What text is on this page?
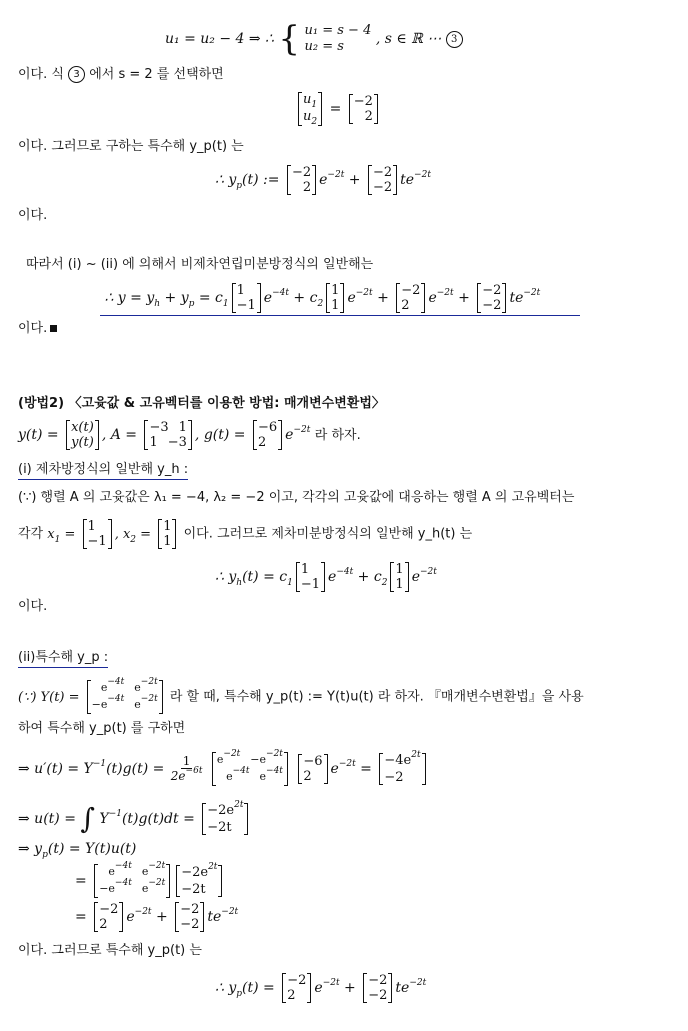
u₁ = u₂ − 4 ⇒ ∴ { u₁ = s − 4
u₂ = s	, s ∈ ℝ ⋯ 3
이다. 식 3 에서 s = 2 를 선택하면
$u_1$
$u_2$
= −2
2
이다. 그러므로 구하는 특수해 y_p(t) 는
∴ $y_p(t)$ := −2
2 $e^{-2t} + -2$
−2 $te^{-2t}$
이다.
따라서 (i) ~ (ii) 에 의해서 비제차연립미분방정식의 일반해는
∴ $y = y_h + y_p = c_1$
1
−1 $e^{-4t} + c_2$
1
1 $e^{-2t} + -2$
2	$e^{-2t} + -2$
−2 $te^{-2t}$
이다.
(방법2) 〈고윳값 & 고유벡터를 이용한 방법: 매개변수변환법〉
y(t) = x(t)
y(t) , A = −3 1
1 −3 , g(t) = −6
2	$e^{-2t}$ 라 하자.
(i) 제차방정식의 일반해 y_h :
(∵) 행렬 A 의 고윳값은 λ₁ = −4, λ₂ = −2 이고, 각각의 고윳값에 대응하는 행렬 A 의 고유벡터는
각각 $x_1 = 1$
−1 , $x_2 = 1$
1 이다. 그러므로 제차미분방정식의 일반해 y_h(t) 는
∴ $y_h(t) = c_1$
1
−1 $e^{-4t} + c_2$
1
1 $e^{-2t}$
이다.
(ii)특수해 y_p :
(∵) Y(t) =
$e^{-4t}$ $e^{-2t}$
$-e^{-4t}$ $e^{-2t}$ 라 할 때, 특수해 y_p(t) := Y(t)u(t) 라 하자. 『매개변수변환법』을 사용
하여 특수해 y_p(t) 를 구하면
⇒ $u'(t) = Y^{-1}(t)g(t) = \frac{1}{2e^{-6t}}$
$e^{-2t} -e^{-2t}$
$e^{-4t}$ $e^{-4t}$

−6
2	$e^{-2t}$ =
$-4e^{2t}$
−2
⇒ u(t) = ∫ $Y^{-1}(t)g(t)dt$ =
$-2e^{2t}$
−2t
⇒ $y_p(t) = Y(t)u(t)$
=
$e^{-4t}$ $e^{-2t}$
$-e^{-4t}$ $e^{-2t}$
$-2e^{2t}$
−2t
= −2
2	$e^{-2t} + -2$
−2 $te^{-2t}$
이다. 그러므로 특수해 y_p(t) 는
∴ $y_p(t) = -2$
2	$e^{-2t} + -2$
−2 $te^{-2t}$
